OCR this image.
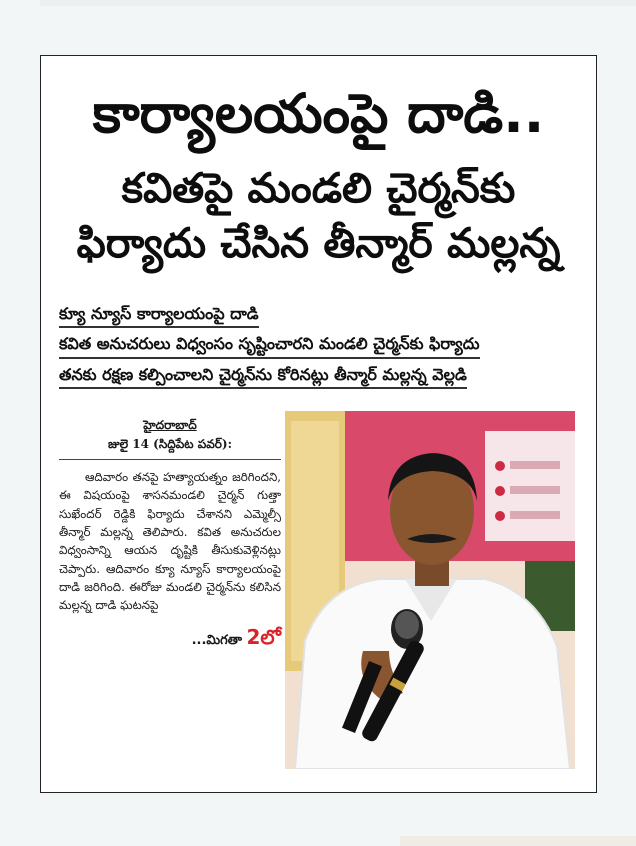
కార్యాలయంపై దాడి..
కవితపై మండలి చైర్మన్‌కు
ఫిర్యాదు చేసిన తీన్మార్ మల్లన్న
క్యూ న్యూస్ కార్యాలయంపై దాడి
కవిత అనుచరులు విధ్వంసం సృష్టించారని మండలి చైర్మన్‌కు ఫిర్యాదు
తనకు రక్షణ కల్పించాలని చైర్మన్‌ను కోరినట్లు తీన్మార్ మల్లన్న వెల్లడి
హైదరాబాద్
జులై 14 (సిద్దిపేట పవర్):

ఆదివారం తనపై హత్యాయత్నం జరిగిందని, ఈ విషయంపై శాసనమండలి చైర్మన్ గుత్తా సుఖేందర్ రెడ్డికి ఫిర్యాదు చేశానని ఎమ్మెల్సీ తీన్మార్ మల్లన్న తెలిపారు. కవిత అనుచరుల విధ్వంసాన్ని ఆయన దృష్టికి తీసుకువెళ్లినట్లు చెప్పారు. ఆదివారం క్యూ న్యూస్ కార్యాలయంపై దాడి జరిగింది. ఈరోజు మండలి చైర్మన్‌ను కలిసిన మల్లన్న దాడి ఘటనపై

...మిగతా 2లో
